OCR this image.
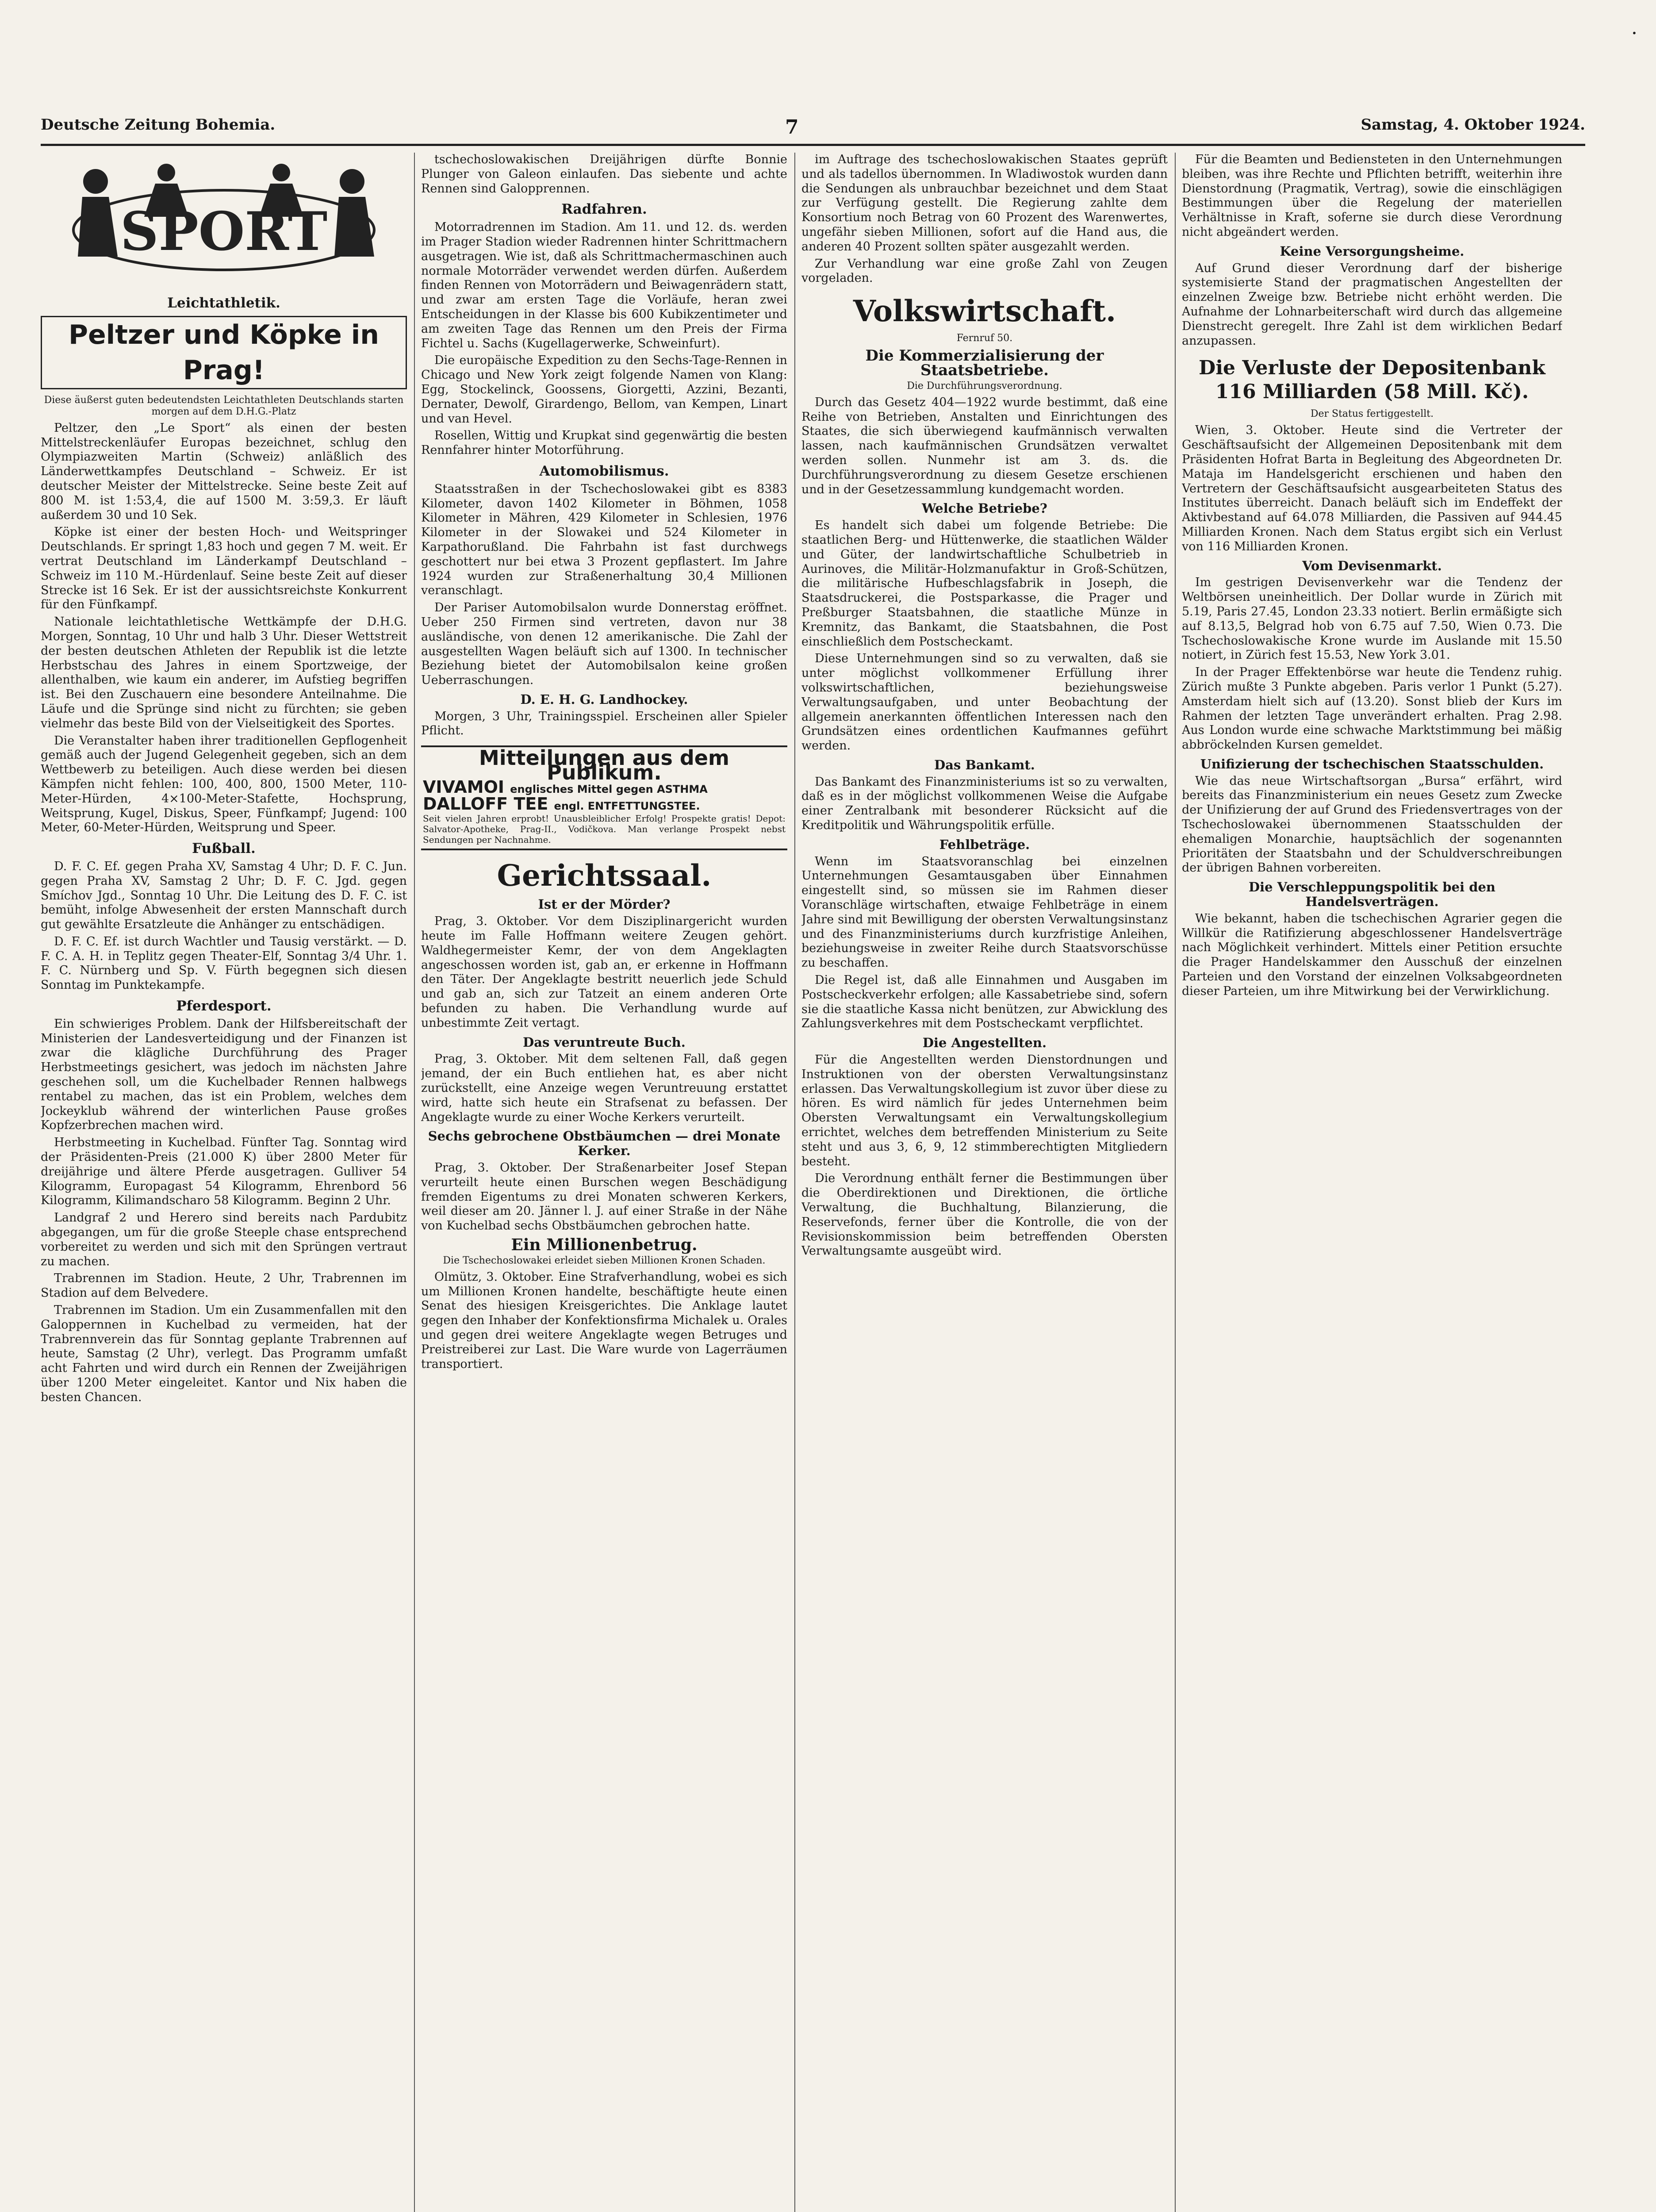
·
Deutsche Zeitung Bohemia.	7	Samstag, 4. Oktober 1924.
SPORT
Leichtathletik.
Peltzer und Köpke in Prag!
Diese äußerst guten bedeutendsten Leichtathleten Deutschlands starten morgen auf dem D.H.G.-Platz

Peltzer, den „Le Sport“ als einen der besten Mittelstreckenläufer Europas bezeichnet, schlug den Olympiazweiten Martin (Schweiz) anläßlich des Länderwettkampfes Deutschland – Schweiz. Er ist deutscher Meister der Mittelstrecke. Seine beste Zeit auf 800 M. ist 1:53,4, die auf 1500 M. 3:59,3. Er läuft außerdem 30 und 10 Sek.

Köpke ist einer der besten Hoch- und Weitspringer Deutschlands. Er springt 1,83 hoch und gegen 7 M. weit. Er vertrat Deutschland im Länderkampf Deutschland – Schweiz im 110 M.-Hürdenlauf. Seine beste Zeit auf dieser Strecke ist 16 Sek. Er ist der aussichtsreichste Konkurrent für den Fünfkampf.

Nationale leichtathletische Wettkämpfe der D.H.G. Morgen, Sonntag, 10 Uhr und halb 3 Uhr. Dieser Wettstreit der besten deutschen Athleten der Republik ist die letzte Herbstschau des Jahres in einem Sportzweige, der allenthalben, wie kaum ein anderer, im Aufstieg begriffen ist. Bei den Zuschauern eine besondere Anteilnahme. Die Läufe und die Sprünge sind nicht zu fürchten; sie geben vielmehr das beste Bild von der Vielseitigkeit des Sportes.

Die Veranstalter haben ihrer traditionellen Gepflogenheit gemäß auch der Jugend Gelegenheit gegeben, sich an dem Wettbewerb zu beteiligen. Auch diese werden bei diesen Kämpfen nicht fehlen: 100, 400, 800, 1500 Meter, 110-Meter-Hürden, 4×100-Meter-Stafette, Hochsprung, Weitsprung, Kugel, Diskus, Speer, Fünfkampf; Jugend: 100 Meter, 60-Meter-Hürden, Weitsprung und Speer.

Fußball.

D. F. C. Ef. gegen Praha XV, Samstag 4 Uhr; D. F. C. Jun. gegen Praha XV, Samstag 2 Uhr; D. F. C. Jgd. gegen Smíchov Jgd., Sonntag 10 Uhr. Die Leitung des D. F. C. ist bemüht, infolge Abwesenheit der ersten Mannschaft durch gut gewählte Ersatzleute die Anhänger zu entschädigen.

D. F. C. Ef. ist durch Wachtler und Tausig verstärkt. — D. F. C. A. H. in Teplitz gegen Theater-Elf, Sonntag 3/4 Uhr. 1. F. C. Nürnberg und Sp. V. Fürth begegnen sich diesen Sonntag im Punktekampfe.

Pferdesport.

Ein schwieriges Problem. Dank der Hilfsbereitschaft der Ministerien der Landesverteidigung und der Finanzen ist zwar die klägliche Durchführung des Prager Herbstmeetings gesichert, was jedoch im nächsten Jahre geschehen soll, um die Kuchelbader Rennen halbwegs rentabel zu machen, das ist ein Problem, welches dem Jockeyklub während der winterlichen Pause großes Kopfzerbrechen machen wird.

Herbstmeeting in Kuchelbad. Fünfter Tag. Sonntag wird der Präsidenten-Preis (21.000 K) über 2800 Meter für dreijährige und ältere Pferde ausgetragen. Gulliver 54 Kilogramm, Europagast 54 Kilogramm, Ehrenbord 56 Kilogramm, Kilimandscharo 58 Kilogramm. Beginn 2 Uhr.

Landgraf 2 und Herero sind bereits nach Pardubitz abgegangen, um für die große Steeple chase entsprechend vorbereitet zu werden und sich mit den Sprüngen vertraut zu machen.

Trabrennen im Stadion. Heute, 2 Uhr, Trabrennen im Stadion auf dem Belvedere.

Trabrennen im Stadion. Um ein Zusammenfallen mit den Galoppernnen in Kuchelbad zu vermeiden, hat der Trabrennverein das für Sonntag geplante Trabrennen auf heute, Samstag (2 Uhr), verlegt. Das Programm umfaßt acht Fahrten und wird durch ein Rennen der Zweijährigen über 1200 Meter eingeleitet. Kantor und Nix haben die besten Chancen.

tschechoslowakischen Dreijährigen dürfte Bonnie Plunger von Galeon einlaufen. Das siebente und achte Rennen sind Galopprennen.

Radfahren.

Motorradrennen im Stadion. Am 11. und 12. ds. werden im Prager Stadion wieder Radrennen hinter Schrittmachern ausgetragen. Wie ist, daß als Schrittmachermaschinen auch normale Motorräder verwendet werden dürfen. Außerdem finden Rennen von Motorrädern und Beiwagenrädern statt, und zwar am ersten Tage die Vorläufe, heran zwei Entscheidungen in der Klasse bis 600 Kubikzentimeter und am zweiten Tage das Rennen um den Preis der Firma Fichtel u. Sachs (Kugellagerwerke, Schweinfurt).

Die europäische Expedition zu den Sechs-Tage-Rennen in Chicago und New York zeigt folgende Namen von Klang: Egg, Stockelinck, Goossens, Giorgetti, Azzini, Bezanti, Dernater, Dewolf, Girardengo, Bellom, van Kempen, Linart und van Hevel.

Rosellen, Wittig und Krupkat sind gegenwärtig die besten Rennfahrer hinter Motorführung.

Automobilismus.

Staatsstraßen in der Tschechoslowakei gibt es 8383 Kilometer, davon 1402 Kilometer in Böhmen, 1058 Kilometer in Mähren, 429 Kilometer in Schlesien, 1976 Kilometer in der Slowakei und 524 Kilometer in Karpathorußland. Die Fahrbahn ist fast durchwegs geschottert nur bei etwa 3 Prozent gepflastert. Im Jahre 1924 wurden zur Straßenerhaltung 30,4 Millionen veranschlagt.

Der Pariser Automobilsalon wurde Donnerstag eröffnet. Ueber 250 Firmen sind vertreten, davon nur 38 ausländische, von denen 12 amerikanische. Die Zahl der ausgestellten Wagen beläuft sich auf 1300. In technischer Beziehung bietet der Automobilsalon keine großen Ueberraschungen.

D. E. H. G. Landhockey.

Morgen, 3 Uhr, Trainingsspiel. Erscheinen aller Spieler Pflicht.

Mitteilungen aus dem Publikum.
VIVAMOI englisches Mittel gegen ASTHMA
DALLOFF TEE engl. ENTFETTUNGSTEE.
Seit vielen Jahren erprobt! Unausbleiblicher Erfolg! Prospekte gratis! Depot: Salvator-Apotheke, Prag-II., Vodičkova. Man verlange Prospekt nebst Sendungen per Nachnahme.
Gerichtssaal.
Ist er der Mörder?

Prag, 3. Oktober. Vor dem Disziplinargericht wurden heute im Falle Hoffmann weitere Zeugen gehört. Waldhegermeister Kemr, der von dem Angeklagten angeschossen worden ist, gab an, er erkenne in Hoffmann den Täter. Der Angeklagte bestritt neuerlich jede Schuld und gab an, sich zur Tatzeit an einem anderen Orte befunden zu haben. Die Verhandlung wurde auf unbestimmte Zeit vertagt.

Das veruntreute Buch.

Prag, 3. Oktober. Mit dem seltenen Fall, daß gegen jemand, der ein Buch entliehen hat, es aber nicht zurückstellt, eine Anzeige wegen Veruntreuung erstattet wird, hatte sich heute ein Strafsenat zu befassen. Der Angeklagte wurde zu einer Woche Kerkers verurteilt.

Sechs gebrochene Obstbäumchen — drei Monate Kerker.

Prag, 3. Oktober. Der Straßenarbeiter Josef Stepan verurteilt heute einen Burschen wegen Beschädigung fremden Eigentums zu drei Monaten schweren Kerkers, weil dieser am 20. Jänner l. J. auf einer Straße in der Nähe von Kuchelbad sechs Obstbäumchen gebrochen hatte.

Ein Millionenbetrug.
Die Tschechoslowakei erleidet sieben Millionen Kronen Schaden.

Olmütz, 3. Oktober. Eine Strafverhandlung, wobei es sich um Millionen Kronen handelte, beschäftigte heute einen Senat des hiesigen Kreisgerichtes. Die Anklage lautet gegen den Inhaber der Konfektionsfirma Michalek u. Orales und gegen drei weitere Angeklagte wegen Betruges und Preistreiberei zur Last. Die Ware wurde von Lagerräumen transportiert.

im Auftrage des tschechoslowakischen Staates geprüft und als tadellos übernommen. In Wladiwostok wurden dann die Sendungen als unbrauchbar bezeichnet und dem Staat zur Verfügung gestellt. Die Regierung zahlte dem Konsortium noch Betrag von 60 Prozent des Warenwertes, ungefähr sieben Millionen, sofort auf die Hand aus, die anderen 40 Prozent sollten später ausgezahlt werden.

Zur Verhandlung war eine große Zahl von Zeugen vorgeladen.

Volkswirtschaft.
Fernruf 50.
Die Kommerzialisierung der Staatsbetriebe.
Die Durchführungsverordnung.

Durch das Gesetz 404—1922 wurde bestimmt, daß eine Reihe von Betrieben, Anstalten und Einrichtungen des Staates, die sich überwiegend kaufmännisch verwalten lassen, nach kaufmännischen Grundsätzen verwaltet werden sollen. Nunmehr ist am 3. ds. die Durchführungsverordnung zu diesem Gesetze erschienen und in der Gesetzessammlung kundgemacht worden.

Welche Betriebe?

Es handelt sich dabei um folgende Betriebe: Die staatlichen Berg- und Hüttenwerke, die staatlichen Wälder und Güter, der landwirtschaftliche Schulbetrieb in Aurinoves, die Militär-Holzmanufaktur in Groß-Schützen, die militärische Hufbeschlagsfabrik in Joseph, die Staatsdruckerei, die Postsparkasse, die Prager und Preßburger Staatsbahnen, die staatliche Münze in Kremnitz, das Bankamt, die Staatsbahnen, die Post einschließlich dem Postscheckamt.

Diese Unternehmungen sind so zu verwalten, daß sie unter möglichst vollkommener Erfüllung ihrer volkswirtschaftlichen, beziehungsweise Verwaltungsaufgaben, und unter Beobachtung der allgemein anerkannten öffentlichen Interessen nach den Grundsätzen eines ordentlichen Kaufmannes geführt werden.

Das Bankamt.

Das Bankamt des Finanzministeriums ist so zu verwalten, daß es in der möglichst vollkommenen Weise die Aufgabe einer Zentralbank mit besonderer Rücksicht auf die Kreditpolitik und Währungspolitik erfülle.

Fehlbeträge.

Wenn im Staatsvoranschlag bei einzelnen Unternehmungen Gesamtausgaben über Einnahmen eingestellt sind, so müssen sie im Rahmen dieser Voranschläge wirtschaften, etwaige Fehlbeträge in einem Jahre sind mit Bewilligung der obersten Verwaltungsinstanz und des Finanzministeriums durch kurzfristige Anleihen, beziehungsweise in zweiter Reihe durch Staatsvorschüsse zu beschaffen.

Die Regel ist, daß alle Einnahmen und Ausgaben im Postscheckverkehr erfolgen; alle Kassabetriebe sind, sofern sie die staatliche Kassa nicht benützen, zur Abwicklung des Zahlungsverkehres mit dem Postscheckamt verpflichtet.

Die Angestellten.

Für die Angestellten werden Dienstordnungen und Instruktionen von der obersten Verwaltungsinstanz erlassen. Das Verwaltungskollegium ist zuvor über diese zu hören. Es wird nämlich für jedes Unternehmen beim Obersten Verwaltungsamt ein Verwaltungskollegium errichtet, welches dem betreffenden Ministerium zu Seite steht und aus 3, 6, 9, 12 stimmberechtigten Mitgliedern besteht.

Die Verordnung enthält ferner die Bestimmungen über die Oberdirektionen und Direktionen, die örtliche Verwaltung, die Buchhaltung, Bilanzierung, die Reservefonds, ferner über die Kontrolle, die von der Revisionskommission beim betreffenden Obersten Verwaltungsamte ausgeübt wird.

Für die Beamten und Bediensteten in den Unternehmungen bleiben, was ihre Rechte und Pflichten betrifft, weiterhin ihre Dienstordnung (Pragmatik, Vertrag), sowie die einschlägigen Bestimmungen über die Regelung der materiellen Verhältnisse in Kraft, soferne sie durch diese Verordnung nicht abgeändert werden.

Keine Versorgungsheime.

Auf Grund dieser Verordnung darf der bisherige systemisierte Stand der pragmatischen Angestellten der einzelnen Zweige bzw. Betriebe nicht erhöht werden. Die Aufnahme der Lohnarbeiterschaft wird durch das allgemeine Dienstrecht geregelt. Ihre Zahl ist dem wirklichen Bedarf anzupassen.

Die Verluste der Depositenbank 116 Milliarden (58 Mill. Kč).
Der Status fertiggestellt.

Wien, 3. Oktober. Heute sind die Vertreter der Geschäftsaufsicht der Allgemeinen Depositenbank mit dem Präsidenten Hofrat Barta in Begleitung des Abgeordneten Dr. Mataja im Handelsgericht erschienen und haben den Vertretern der Geschäftsaufsicht ausgearbeiteten Status des Institutes überreicht. Danach beläuft sich im Endeffekt der Aktivbestand auf 64.078 Milliarden, die Passiven auf 944.45 Milliarden Kronen. Nach dem Status ergibt sich ein Verlust von 116 Milliarden Kronen.

Vom Devisenmarkt.

Im gestrigen Devisenverkehr war die Tendenz der Weltbörsen uneinheitlich. Der Dollar wurde in Zürich mit 5.19, Paris 27.45, London 23.33 notiert. Berlin ermäßigte sich auf 8.13,5, Belgrad hob von 6.75 auf 7.50, Wien 0.73. Die Tschechoslowakische Krone wurde im Auslande mit 15.50 notiert, in Zürich fest 15.53, New York 3.01.

In der Prager Effektenbörse war heute die Tendenz ruhig. Zürich mußte 3 Punkte abgeben. Paris verlor 1 Punkt (5.27). Amsterdam hielt sich auf (13.20). Sonst blieb der Kurs im Rahmen der letzten Tage unverändert erhalten. Prag 2.98. Aus London wurde eine schwache Marktstimmung bei mäßig abbröckelnden Kursen gemeldet.

Unifizierung der tschechischen Staatsschulden.

Wie das neue Wirtschaftsorgan „Bursa“ erfährt, wird bereits das Finanzministerium ein neues Gesetz zum Zwecke der Unifizierung der auf Grund des Friedensvertrages von der Tschechoslowakei übernommenen Staatsschulden der ehemaligen Monarchie, hauptsächlich der sogenannten Prioritäten der Staatsbahn und der Schuldverschreibungen der übrigen Bahnen vorbereiten.

Die Verschleppungspolitik bei den Handelsverträgen.

Wie bekannt, haben die tschechischen Agrarier gegen die Willkür die Ratifizierung abgeschlossener Handelsverträge nach Möglichkeit verhindert. Mittels einer Petition ersuchte die Prager Handelskammer den Ausschuß der einzelnen Parteien und den Vorstand der einzelnen Volksabgeordneten dieser Parteien, um ihre Mitwirkung bei der Verwirklichung.
